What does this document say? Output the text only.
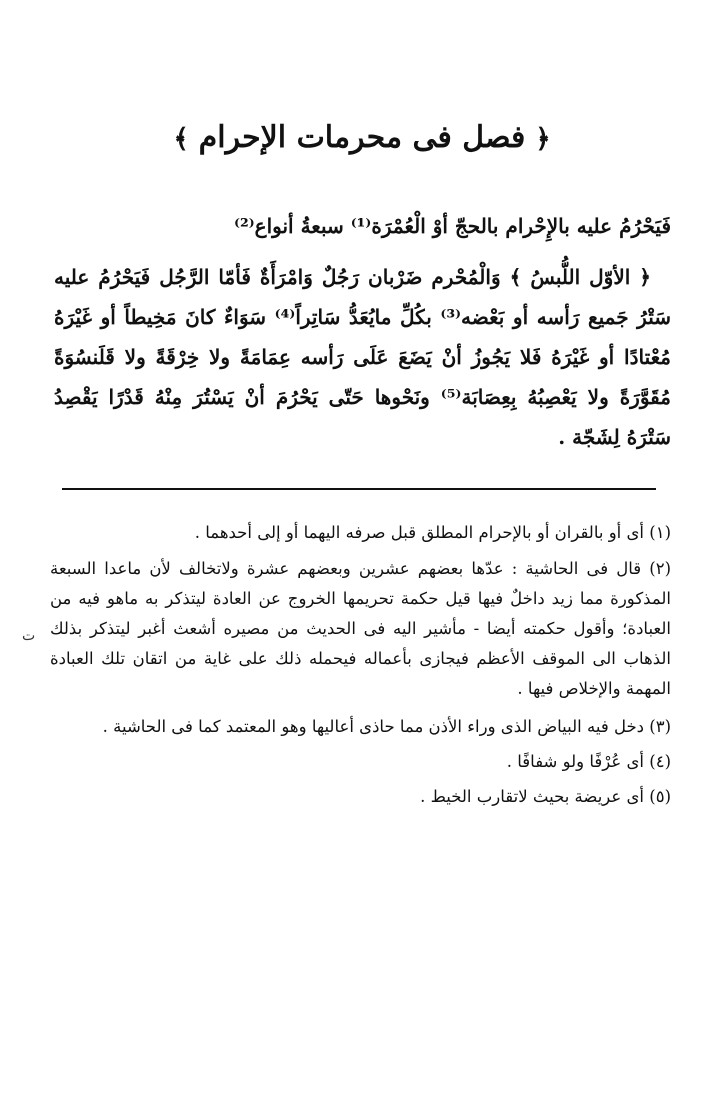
﴿فصل فى محرمات الإحرام﴾

فَيَحْرُمُ عليه بالإِحْرام بالحجّ أوْ الْعُمْرَة⁽¹⁾ سبعةُ أنواع⁽²⁾

﴿ الأوّل اللُّبسُ ﴾ وَالْمُحْرم ضَرْبان رَجُلٌ وَامْرَأَةٌ فَأمّا الرَّجُل فَيَحْرُمُ عليه سَتْرُ جَميع رَأسه أو بَعْضه⁽³⁾ بكُلِّ مايُعَدُّ سَاتِراً⁽⁴⁾ سَوَاءٌ كانَ مَخِيطاً أو غَيْرَهُ مُعْتادًا أو غَيْرَهُ فَلا يَجُوزُ أنْ يَضَعَ عَلَى رَأسه عِمَامَةً ولا خِرْقَةً ولا قَلَنسُوَةً مُقَوَّرَةً ولا يَعْصِبُهُ بِعِصَابَة⁽⁵⁾ ونَحْوها حَتّى يَحْرُمَ أنْ يَسْتُرَ مِنْهُ قَدْرًا يَقْصِدُ سَتْرَهُ لِشَجّة .

(١) أى أو بالقران أو بالإحرام المطلق قبل صرفه اليهما أو إلى أحدهما .

(٢) قال فى الحاشية : عدّها بعضهم عشرين وبعضهم عشرة ولاتخالف لأن ماعدا السبعة المذكورة مما زيد داخلٌ فيها قيل حكمة تحريمها الخروج عن العادة ليتذكر به ماهو فيه من العبادة؛ وأقول حكمته أيضا - مأشير اليه فى الحديث من مصيره أشعث أغبر ليتذكر بذلك الذهاب الى الموقف الأعظم فيجازى بأعماله فيحمله ذلك على غاية من اتقان تلك العبادة المهمة والإخلاص فيها .

(٣) دخل فيه البياض الذى وراء الأذن مما حاذى أعاليها وهو المعتمد كما فى الحاشية .

(٤) أى عُرْفًا ولو شفافًا .

(٥) أى عريضة بحيث لاتقارب الخيط .

ت
